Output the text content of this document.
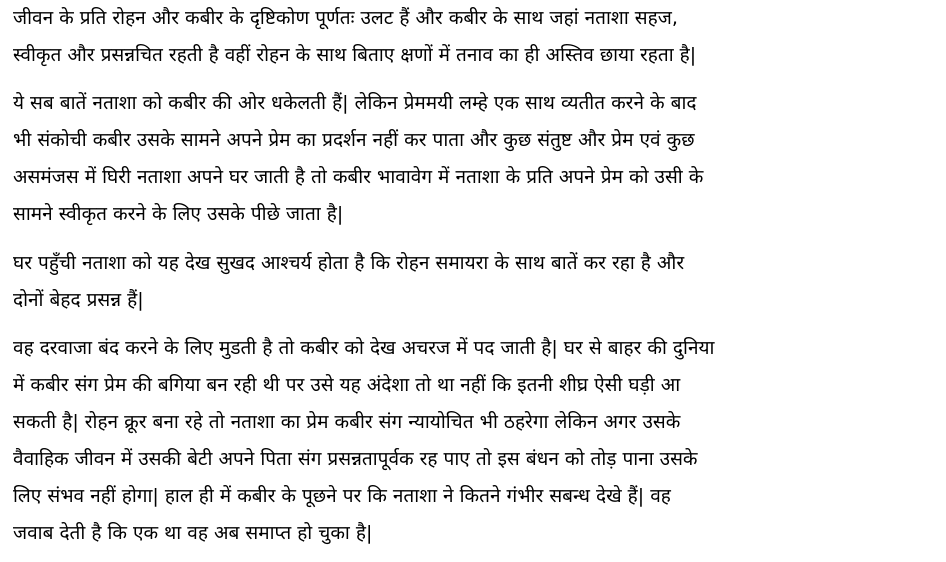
जीवन के प्रति रोहन और कबीर के दृष्टिकोण पूर्णतः उलट हैं और कबीर के साथ जहां नताशा सहज,
स्वीकृत और प्रसन्नचित रहती है वहीं रोहन के साथ बिताए क्षणों में तनाव का ही अस्तिव छाया रहता है|

ये सब बातें नताशा को कबीर की ओर धकेलती हैं| लेकिन प्रेममयी लम्हे एक साथ व्यतीत करने के बाद
भी संकोची कबीर उसके सामने अपने प्रेम का प्रदर्शन नहीं कर पाता और कुछ संतुष्ट और प्रेम एवं कुछ
असमंजस में घिरी नताशा अपने घर जाती है तो कबीर भावावेग में नताशा के प्रति अपने प्रेम को उसी के
सामने स्वीकृत करने के लिए उसके पीछे जाता है|

घर पहुँची नताशा को यह देख सुखद आश्चर्य होता है कि रोहन समायरा के साथ बातें कर रहा है और
दोनों बेहद प्रसन्न हैं|

वह दरवाजा बंद करने के लिए मुडती है तो कबीर को देख अचरज में पद जाती है| घर से बाहर की दुनिया
में कबीर संग प्रेम की बगिया बन रही थी पर उसे यह अंदेशा तो था नहीं कि इतनी शीघ्र ऐसी घड़ी आ
सकती है| रोहन क्रूर बना रहे तो नताशा का प्रेम कबीर संग न्यायोचित भी ठहरेगा लेकिन अगर उसके
वैवाहिक जीवन में उसकी बेटी अपने पिता संग प्रसन्नतापूर्वक रह पाए तो इस बंधन को तोड़ पाना उसके
लिए संभव नहीं होगा| हाल ही में कबीर के पूछने पर कि नताशा ने कितने गंभीर सबन्ध देखे हैं| वह
जवाब देती है कि एक था वह अब समाप्त हो चुका है|
